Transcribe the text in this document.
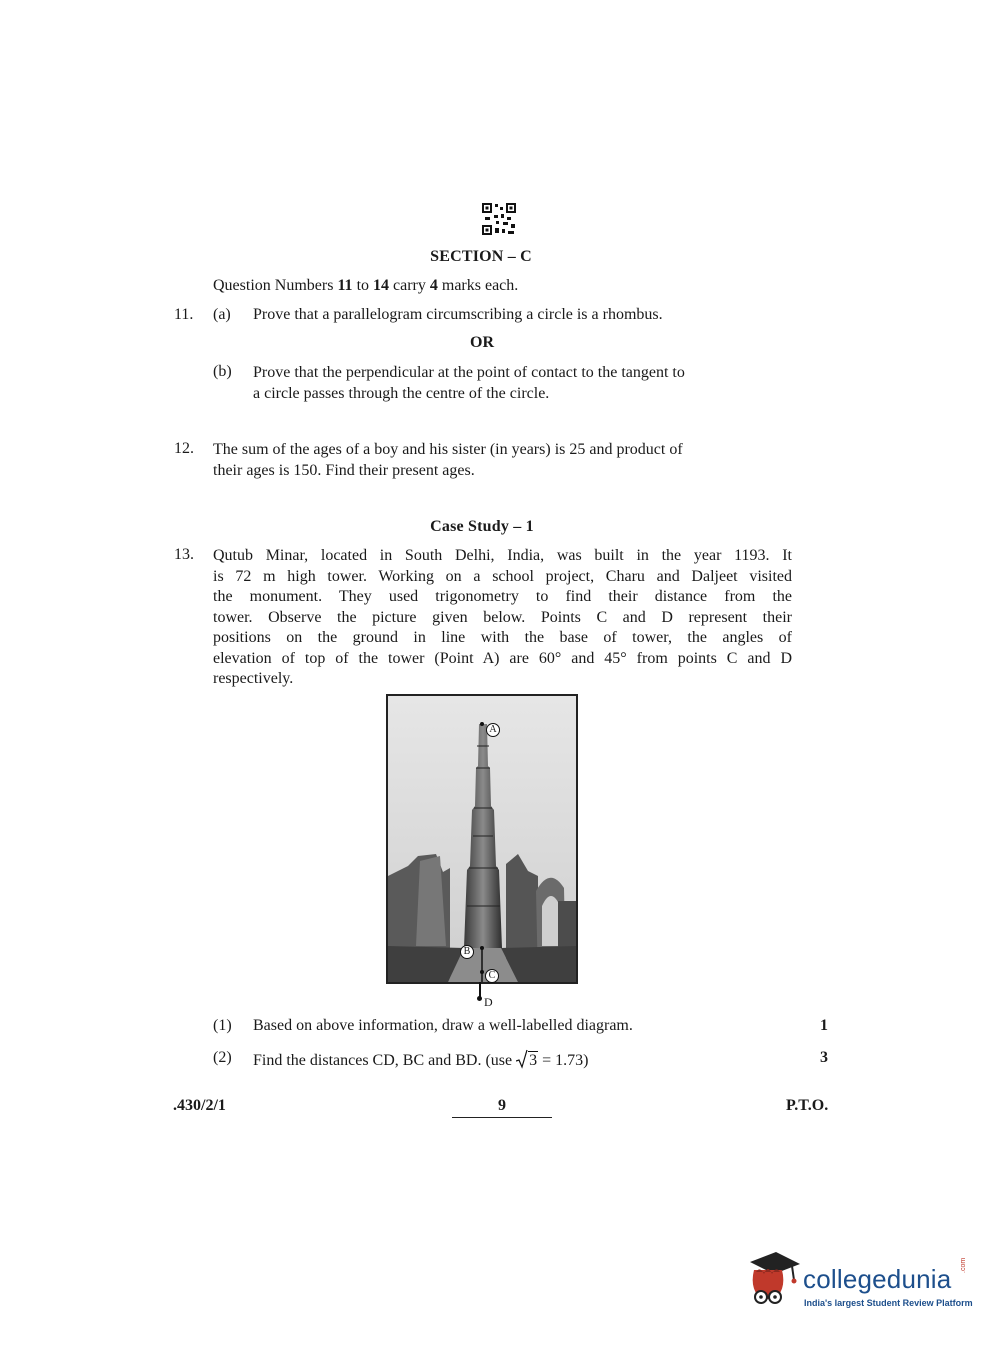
SECTION – C
Question Numbers 11 to 14 carry 4 marks each.
11. (a) Prove that a parallelogram circumscribing a circle is a rhombus.
OR
(b) Prove that the perpendicular at the point of contact to the tangent to
a circle passes through the centre of the circle.
12. The sum of the ages of a boy and his sister (in years) is 25 and product of
their ages is 150. Find their present ages.
Case Study – 1
13. Qutub Minar, located in South Delhi, India, was built in the year 1193. It
is 72 m high tower. Working on a school project, Charu and Daljeet visited
the monument. They used trigonometry to find their distance from the
tower. Observe the picture given below. Points C and D represent their
positions on the ground in line with the base of tower, the angles of
elevation of top of the tower (Point A) are 60° and 45° from points C and D
respectively.
A
B
C
D
(1) Based on above information, draw a well-labelled diagram.	1
(2) Find the distances CD, BC and BD. (use 3 = 1.73)	3
.430/2/1	9	P.T.O.
collegedunia .com
India's largest Student Review Platform
